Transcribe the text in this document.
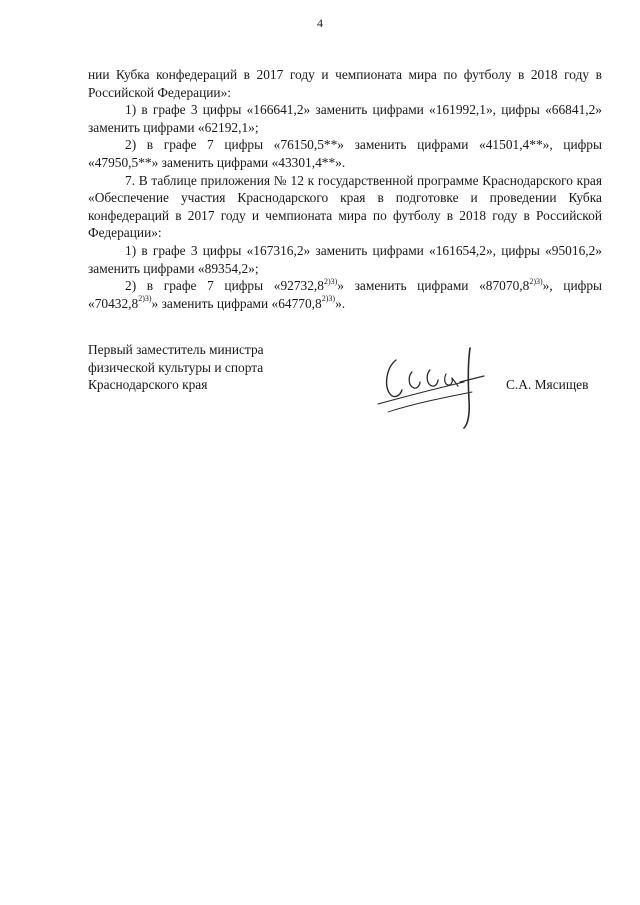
4

нии Кубка конфедераций в 2017 году и чемпионата мира по футболу в 2018 году в Российской Федерации»:

1) в графе 3 цифры «166641,2» заменить цифрами «161992,1», цифры «66841,2» заменить цифрами «62192,1»;

2) в графе 7 цифры «76150,5**» заменить цифрами «41501,4**», цифры «47950,5**» заменить цифрами «43301,4**».

7. В таблице приложения № 12 к государственной программе Краснодарского края «Обеспечение участия Краснодарского края в подготовке и проведении Кубка конфедераций в 2017 году и чемпионата мира по футболу в 2018 году в Российской Федерации»:

1) в графе 3 цифры «167316,2» заменить цифрами «161654,2», цифры «95016,2» заменить цифрами «89354,2»;

2) в графе 7 цифры «$92732,8^{2)3)}$» заменить цифрами «$87070,8^{2)3)}$», цифры «$70432,8^{2)3)}$» заменить цифрами «$64770,8^{2)3)}$».

Первый заместитель министра
физической культуры и спорта
Краснодарского края	С.А. Мясищев
